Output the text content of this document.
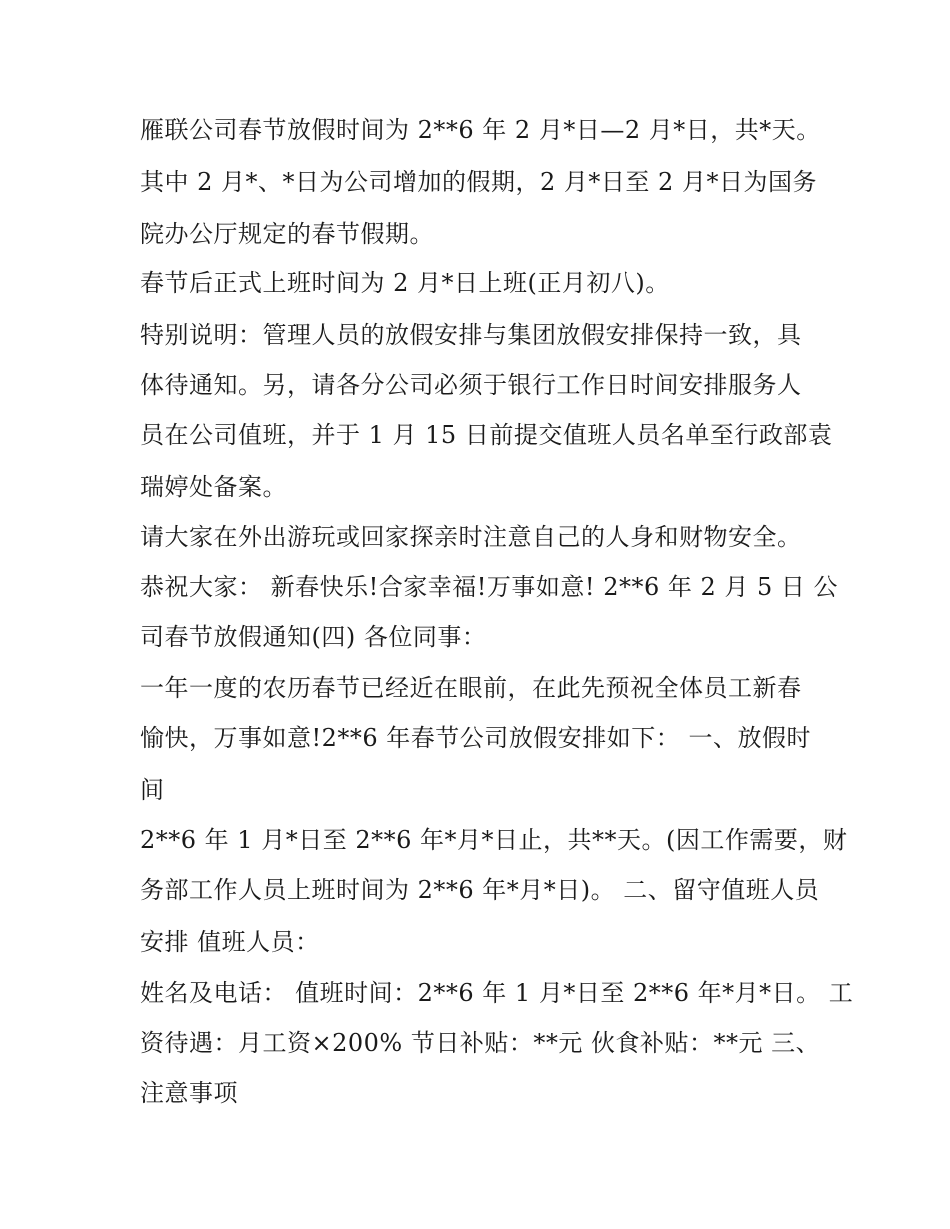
雁联公司春节放假时间为 2**6 年 2 月*日—2 月*日，共*天。
其中 2 月*、*日为公司增加的假期，2 月*日至 2 月*日为国务
院办公厅规定的春节假期。
春节后正式上班时间为 2 月*日上班(正月初八)。
特别说明：管理人员的放假安排与集团放假安排保持一致，具
体待通知。另，请各分公司必须于银行工作日时间安排服务人
员在公司值班，并于 1 月 15 日前提交值班人员名单至行政部袁
瑞婷处备案。
请大家在外出游玩或回家探亲时注意自己的人身和财物安全。
恭祝大家： 新春快乐!合家幸福!万事如意! 2**6 年 2 月 5 日 公
司春节放假通知(四) 各位同事：
一年一度的农历春节已经近在眼前，在此先预祝全体员工新春
愉快，万事如意!2**6 年春节公司放假安排如下： 一、放假时
间
2**6 年 1 月*日至 2**6 年*月*日止，共**天。(因工作需要，财
务部工作人员上班时间为 2**6 年*月*日)。 二、留守值班人员
安排 值班人员：
姓名及电话： 值班时间：2**6 年 1 月*日至 2**6 年*月*日。 工
资待遇：月工资×200% 节日补贴：**元 伙食补贴：**元 三、
注意事项
